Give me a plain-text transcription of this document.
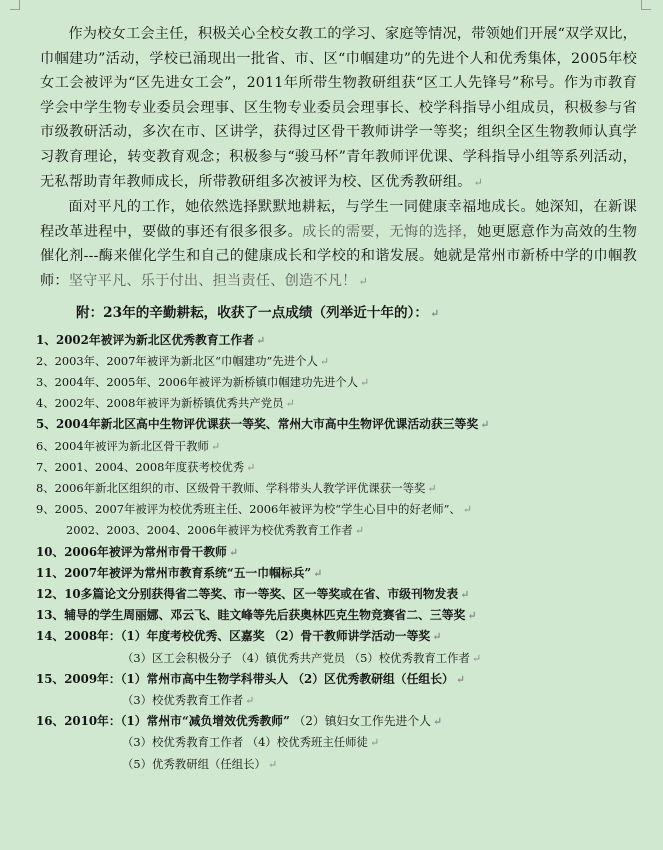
作为校女工会主任，积极关心全校女教工的学习、家庭等情况，带领她们开展“双学双比，巾帼建功”活动，学校已涌现出一批省、市、区“巾帼建功”的先进个人和优秀集体，2005年校女工会被评为“区先进女工会”，2011年所带生物教研组获“区工人先锋号”称号。作为市教育学会中学生物专业委员会理事、区生物专业委员会理事长、校学科指导小组成员，积极参与省市级教研活动，多次在市、区讲学，获得过区骨干教师讲学一等奖；组织全区生物教师认真学习教育理论，转变教育观念；积极参与“骏马杯”青年教师评优课、学科指导小组等系列活动，无私帮助青年教师成长，所带教研组多次被评为校、区优秀教研组。 ↵

面对平凡的工作，她依然选择默默地耕耘，与学生一同健康幸福地成长。她深知，在新课程改革进程中，要做的事还有很多很多。成长的需要，无悔的选择，她更愿意作为高效的生物催化剂---酶来催化学生和自己的健康成长和学校的和谐发展。她就是常州市新桥中学的巾帼教师：坚守平凡、乐于付出、担当责任、创造不凡！ ↵

附：23年的辛勤耕耘，收获了一点成绩（列举近十年的）： ↵
1、2002年被评为新北区优秀教育工作者 ↵
2、2003年、2007年被评为新北区“巾帼建功”先进个人 ↵
3、2004年、2005年、2006年被评为新桥镇巾帼建功先进个人 ↵
4、2002年、2008年被评为新桥镇优秀共产党员 ↵
5、2004年新北区高中生物评优课获一等奖、常州大市高中生物评优课活动获三等奖 ↵
6、2004年被评为新北区骨干教师 ↵
7、2001、2004、2008年度获考校优秀 ↵
8、2006年新北区组织的市、区级骨干教师、学科带头人教学评优课获一等奖 ↵
9、2005、2007年被评为校优秀班主任、2006年被评为校“学生心目中的好老师”、 ↵
2002、2003、2004、2006年被评为校优秀教育工作者 ↵
10、2006年被评为常州市骨干教师 ↵
11、2007年被评为常州市教育系统“五一巾帼标兵” ↵
12、10多篇论文分别获得省二等奖、市一等奖、区一等奖或在省、市级刊物发表 ↵
13、辅导的学生周丽娜、邓云飞、眭文峰等先后获奥林匹克生物竞赛省二、三等奖 ↵
14、2008年：（1）年度考校优秀、区嘉奖 （2）骨干教师讲学活动一等奖 ↵
（3）区工会积极分子 （4）镇优秀共产党员 （5）校优秀教育工作者 ↵
15、2009年：（1）常州市高中生物学科带头人 （2）区优秀教研组（任组长） ↵
（3）校优秀教育工作者 ↵
16、2010年：（1）常州市“减负增效优秀教师” （2）镇妇女工作先进个人 ↵
（3）校优秀教育工作者 （4）校优秀班主任师徒 ↵
（5）优秀教研组（任组长） ↵
